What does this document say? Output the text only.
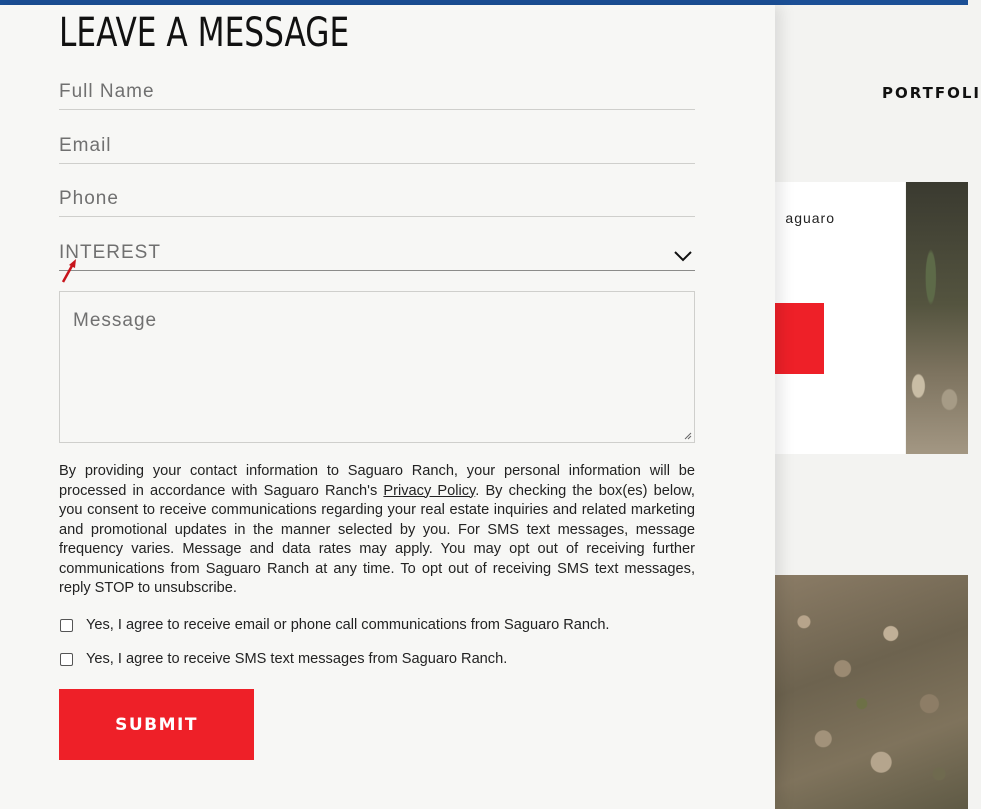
PORTFOLI
aguaro
LEAVE A MESSAGE
Full Name
Email
Phone
INTEREST
Message
By providing your contact information to Saguaro Ranch, your personal information will be processed in accordance with Saguaro Ranch's Privacy Policy. By checking the box(es) below, you consent to receive communications regarding your real estate inquiries and related marketing and promotional updates in the manner selected by you. For SMS text messages, message frequency varies. Message and data rates may apply. You may opt out of receiving further communications from Saguaro Ranch at any time. To opt out of receiving SMS text messages, reply STOP to unsubscribe.
Yes, I agree to receive email or phone call communications from Saguaro Ranch.
Yes, I agree to receive SMS text messages from Saguaro Ranch.
SUBMIT
